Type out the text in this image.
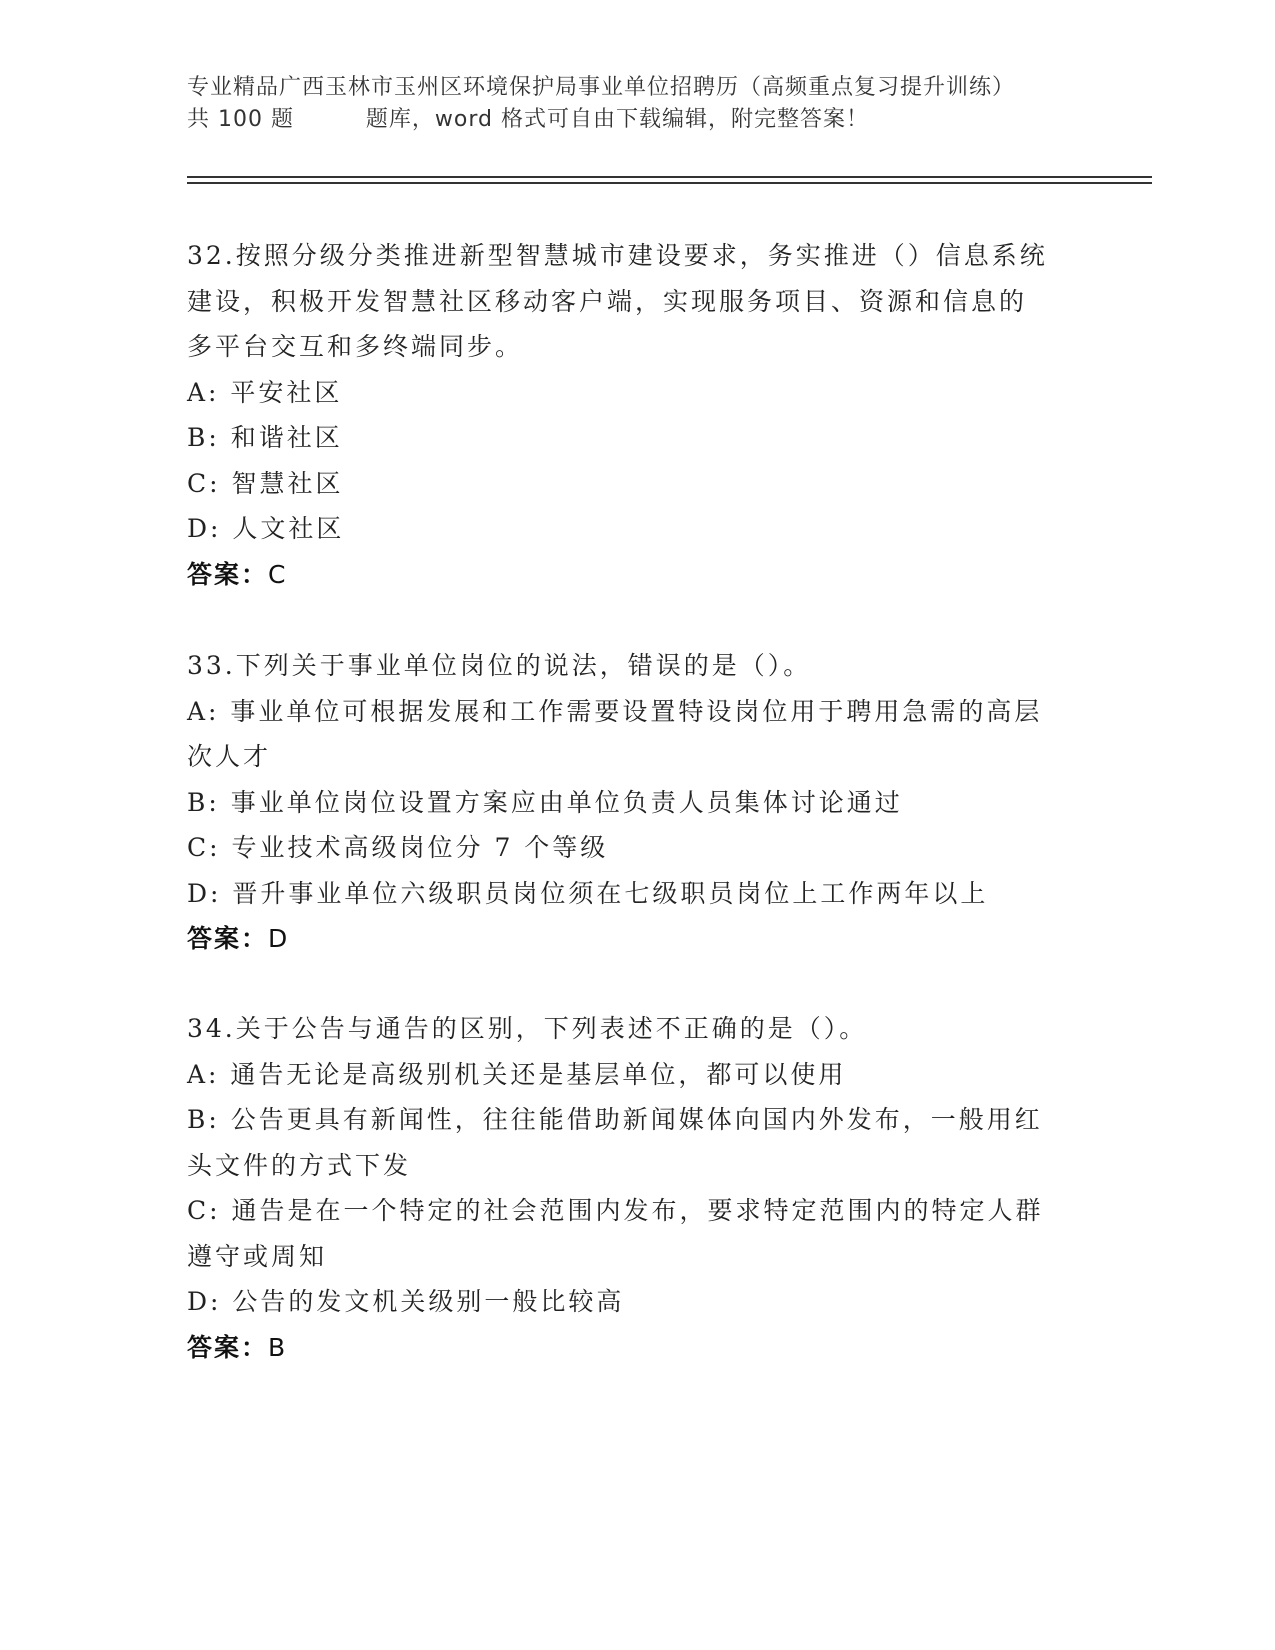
专业精品广西玉林市玉州区环境保护局事业单位招聘历（高频重点复习提升训练）
共 100 题         题库，word 格式可自由下载编辑，附完整答案！
32.按照分级分类推进新型智慧城市建设要求，务实推进（）信息系统
建设，积极开发智慧社区移动客户端，实现服务项目、资源和信息的
多平台交互和多终端同步。
A: 平安社区
B: 和谐社区
C: 智慧社区
D: 人文社区
答案：C
33.下列关于事业单位岗位的说法，错误的是（）。
A: 事业单位可根据发展和工作需要设置特设岗位用于聘用急需的高层
次人才
B: 事业单位岗位设置方案应由单位负责人员集体讨论通过
C: 专业技术高级岗位分 7 个等级
D: 晋升事业单位六级职员岗位须在七级职员岗位上工作两年以上
答案：D
34.关于公告与通告的区别，下列表述不正确的是（）。
A: 通告无论是高级别机关还是基层单位，都可以使用
B: 公告更具有新闻性，往往能借助新闻媒体向国内外发布，一般用红
头文件的方式下发
C: 通告是在一个特定的社会范围内发布，要求特定范围内的特定人群
遵守或周知
D: 公告的发文机关级别一般比较高
答案：B
